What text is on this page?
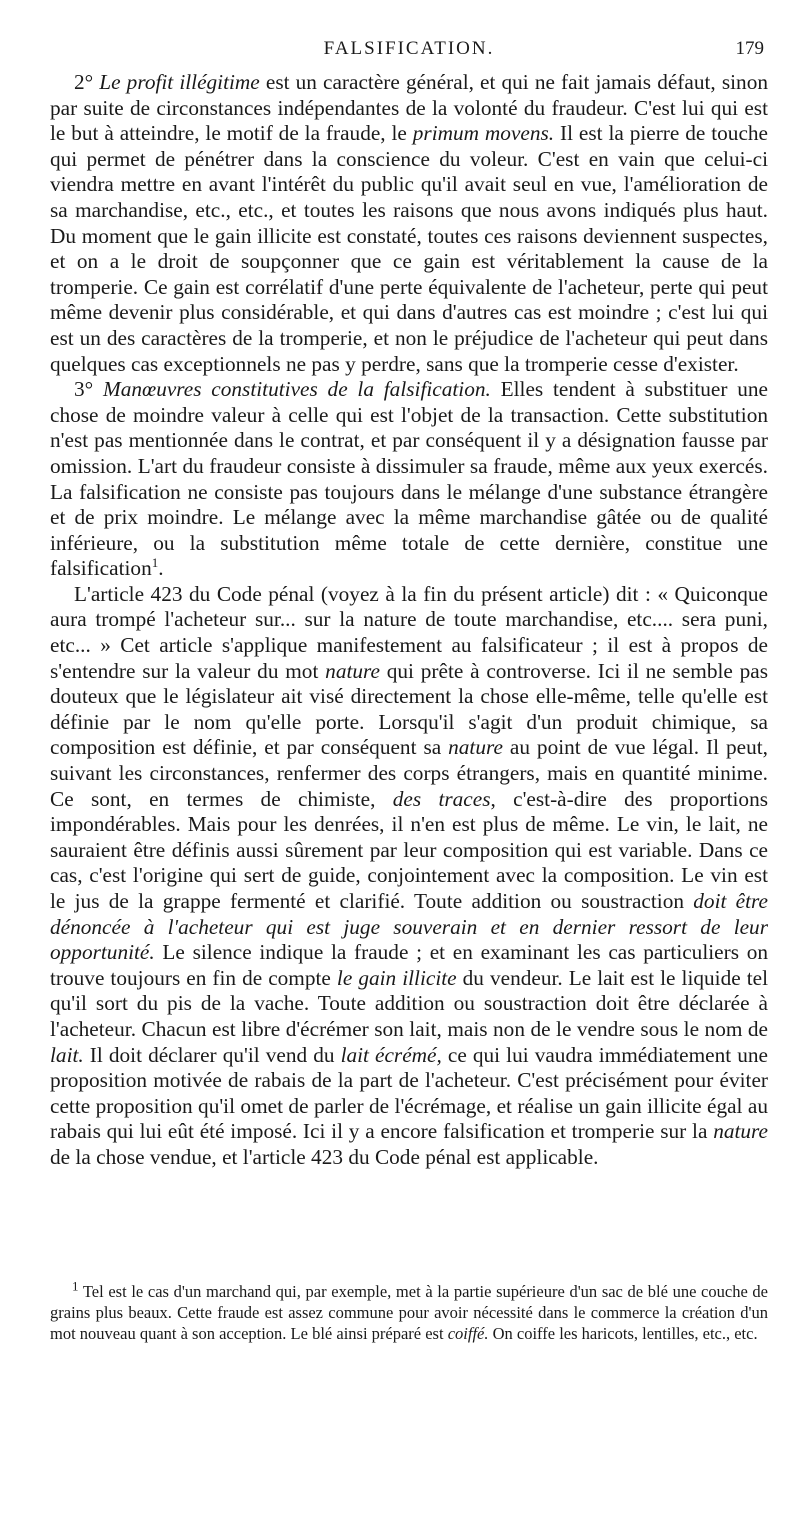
FALSIFICATION.	179

2° Le profit illégitime est un caractère général, et qui ne fait jamais défaut, sinon par suite de circonstances indépendantes de la volonté du fraudeur. C'est lui qui est le but à atteindre, le motif de la fraude, le primum movens. Il est la pierre de touche qui permet de pénétrer dans la conscience du voleur. C'est en vain que celui-ci viendra mettre en avant l'intérêt du public qu'il avait seul en vue, l'amélioration de sa marchandise, etc., etc., et toutes les raisons que nous avons indiqués plus haut. Du moment que le gain illicite est constaté, toutes ces raisons deviennent suspectes, et on a le droit de soupçonner que ce gain est véritablement la cause de la tromperie. Ce gain est corrélatif d'une perte équivalente de l'acheteur, perte qui peut même devenir plus considérable, et qui dans d'autres cas est moindre ; c'est lui qui est un des caractères de la tromperie, et non le préjudice de l'acheteur qui peut dans quelques cas exceptionnels ne pas y perdre, sans que la tromperie cesse d'exister.

3° Manœuvres constitutives de la falsification. Elles tendent à substituer une chose de moindre valeur à celle qui est l'objet de la transaction. Cette substitution n'est pas mentionnée dans le contrat, et par conséquent il y a désignation fausse par omission. L'art du fraudeur consiste à dissimuler sa fraude, même aux yeux exercés. La falsification ne consiste pas toujours dans le mélange d'une substance étrangère et de prix moindre. Le mélange avec la même marchandise gâtée ou de qualité inférieure, ou la substitution même totale de cette dernière, constitue une falsification$^1$.

L'article 423 du Code pénal (voyez à la fin du présent article) dit : « Quiconque aura trompé l'acheteur sur... sur la nature de toute marchandise, etc.... sera puni, etc... » Cet article s'applique manifestement au falsificateur ; il est à propos de s'entendre sur la valeur du mot nature qui prête à controverse. Ici il ne semble pas douteux que le législateur ait visé directement la chose elle-même, telle qu'elle est définie par le nom qu'elle porte. Lorsqu'il s'agit d'un produit chimique, sa composition est définie, et par conséquent sa nature au point de vue légal. Il peut, suivant les circonstances, renfermer des corps étrangers, mais en quantité minime. Ce sont, en termes de chimiste, des traces, c'est-à-dire des proportions impondérables. Mais pour les denrées, il n'en est plus de même. Le vin, le lait, ne sauraient être définis aussi sûrement par leur composition qui est variable. Dans ce cas, c'est l'origine qui sert de guide, conjointement avec la composition. Le vin est le jus de la grappe fermenté et clarifié. Toute addition ou soustraction doit être dénoncée à l'acheteur qui est juge souverain et en dernier ressort de leur opportunité. Le silence indique la fraude ; et en examinant les cas particuliers on trouve toujours en fin de compte le gain illicite du vendeur. Le lait est le liquide tel qu'il sort du pis de la vache. Toute addition ou soustraction doit être déclarée à l'acheteur. Chacun est libre d'écrémer son lait, mais non de le vendre sous le nom de lait. Il doit déclarer qu'il vend du lait écrémé, ce qui lui vaudra immédiatement une proposition motivée de rabais de la part de l'acheteur. C'est précisément pour éviter cette proposition qu'il omet de parler de l'écrémage, et réalise un gain illicite égal au rabais qui lui eût été imposé. Ici il y a encore falsification et tromperie sur la nature de la chose vendue, et l'article 423 du Code pénal est applicable.

$^1$ Tel est le cas d'un marchand qui, par exemple, met à la partie supérieure d'un sac de blé une couche de grains plus beaux. Cette fraude est assez commune pour avoir nécessité dans le commerce la création d'un mot nouveau quant à son acception. Le blé ainsi préparé est coiffé. On coiffe les haricots, lentilles, etc., etc.
